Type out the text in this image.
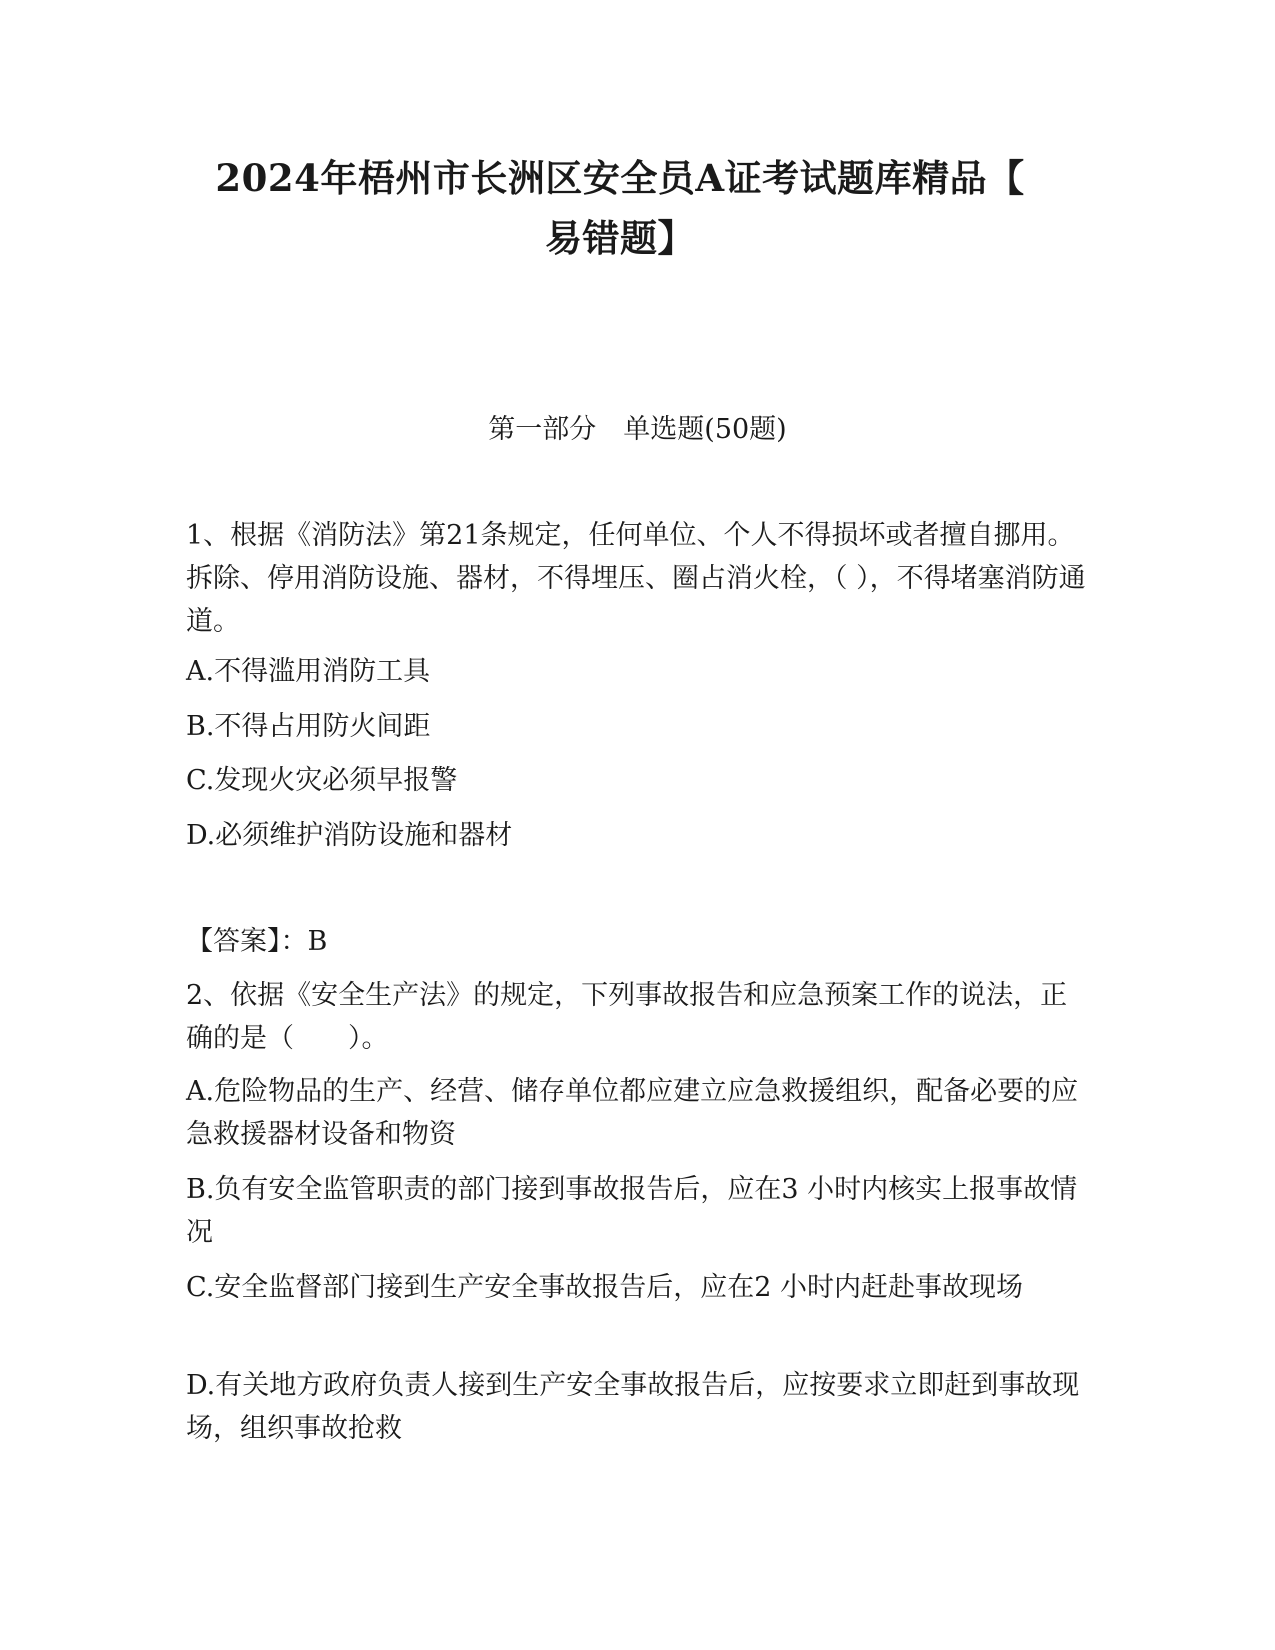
2024年梧州市长洲区安全员A证考试题库精品【
易错题】
第一部分　单选题(50题)
1、根据《消防法》第21条规定，任何单位、个人不得损坏或者擅自挪用。拆除、停用消防设施、器材，不得埋压、圈占消火栓，（ ），不得堵塞消防通道。
A.不得滥用消防工具
B.不得占用防火间距
C.发现火灾必须早报警
D.必须维护消防设施和器材
【答案】：B
2、依据《安全生产法》的规定，下列事故报告和应急预案工作的说法，正确的是（　　）。
A.危险物品的生产、经营、储存单位都应建立应急救援组织，配备必要的应急救援器材设备和物资
B.负有安全监管职责的部门接到事故报告后，应在3 小时内核实上报事故情况
C.安全监督部门接到生产安全事故报告后，应在2 小时内赶赴事故现场
D.有关地方政府负责人接到生产安全事故报告后，应按要求立即赶到事故现场，组织事故抢救
